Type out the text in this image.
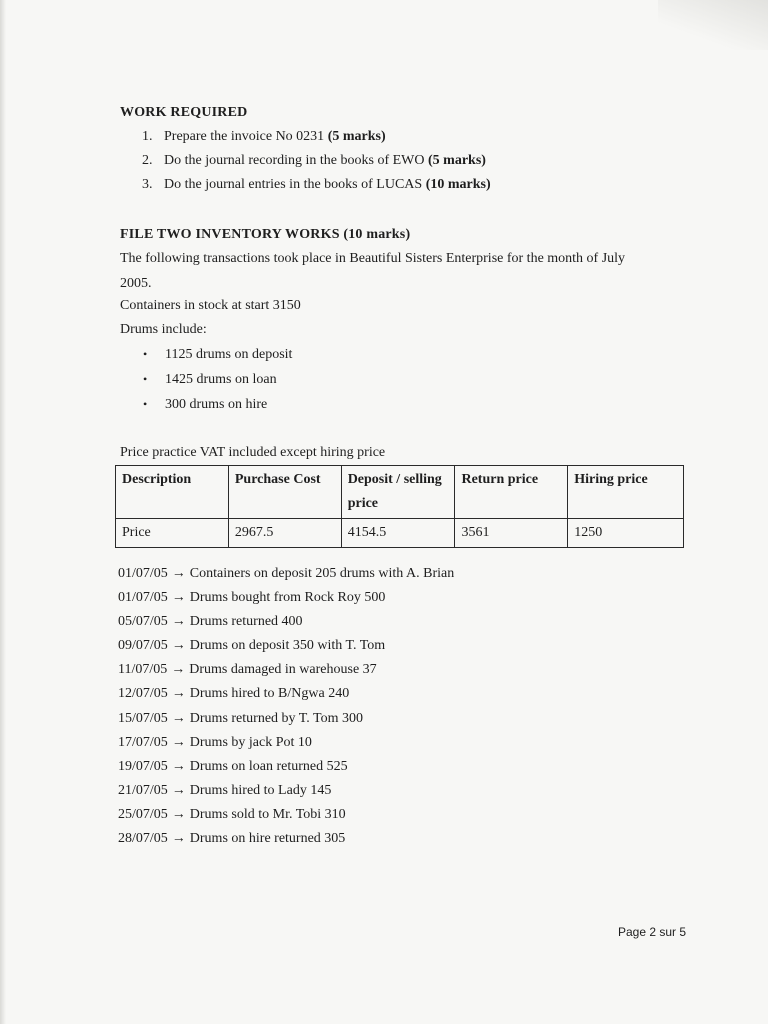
WORK REQUIRED
1. Prepare the invoice No 0231 (5 marks)
2. Do the journal recording in the books of EWO (5 marks)
3. Do the journal entries in the books of LUCAS (10 marks)
FILE TWO INVENTORY WORKS (10 marks)
The following transactions took place in Beautiful Sisters Enterprise for the month of July
2005.
Containers in stock at start 3150
Drums include:
• 1125 drums on deposit
• 1425 drums on loan
• 300 drums on hire
Price practice VAT included except hiring price
Description	Purchase Cost	Deposit / selling price	Return price	Hiring price
Price	2967.5	4154.5	3561	1250
01/07/05 → Containers on deposit 205 drums with A. Brian
01/07/05 → Drums bought from Rock Roy 500
05/07/05 → Drums returned 400
09/07/05 → Drums on deposit 350 with T. Tom
11/07/05 → Drums damaged in warehouse 37
12/07/05 → Drums hired to B/Ngwa 240
15/07/05 → Drums returned by T. Tom 300
17/07/05 → Drums by jack Pot 10
19/07/05 → Drums on loan returned 525
21/07/05 → Drums hired to Lady 145
25/07/05 → Drums sold to Mr. Tobi 310
28/07/05 → Drums on hire returned 305
Page 2 sur 5
